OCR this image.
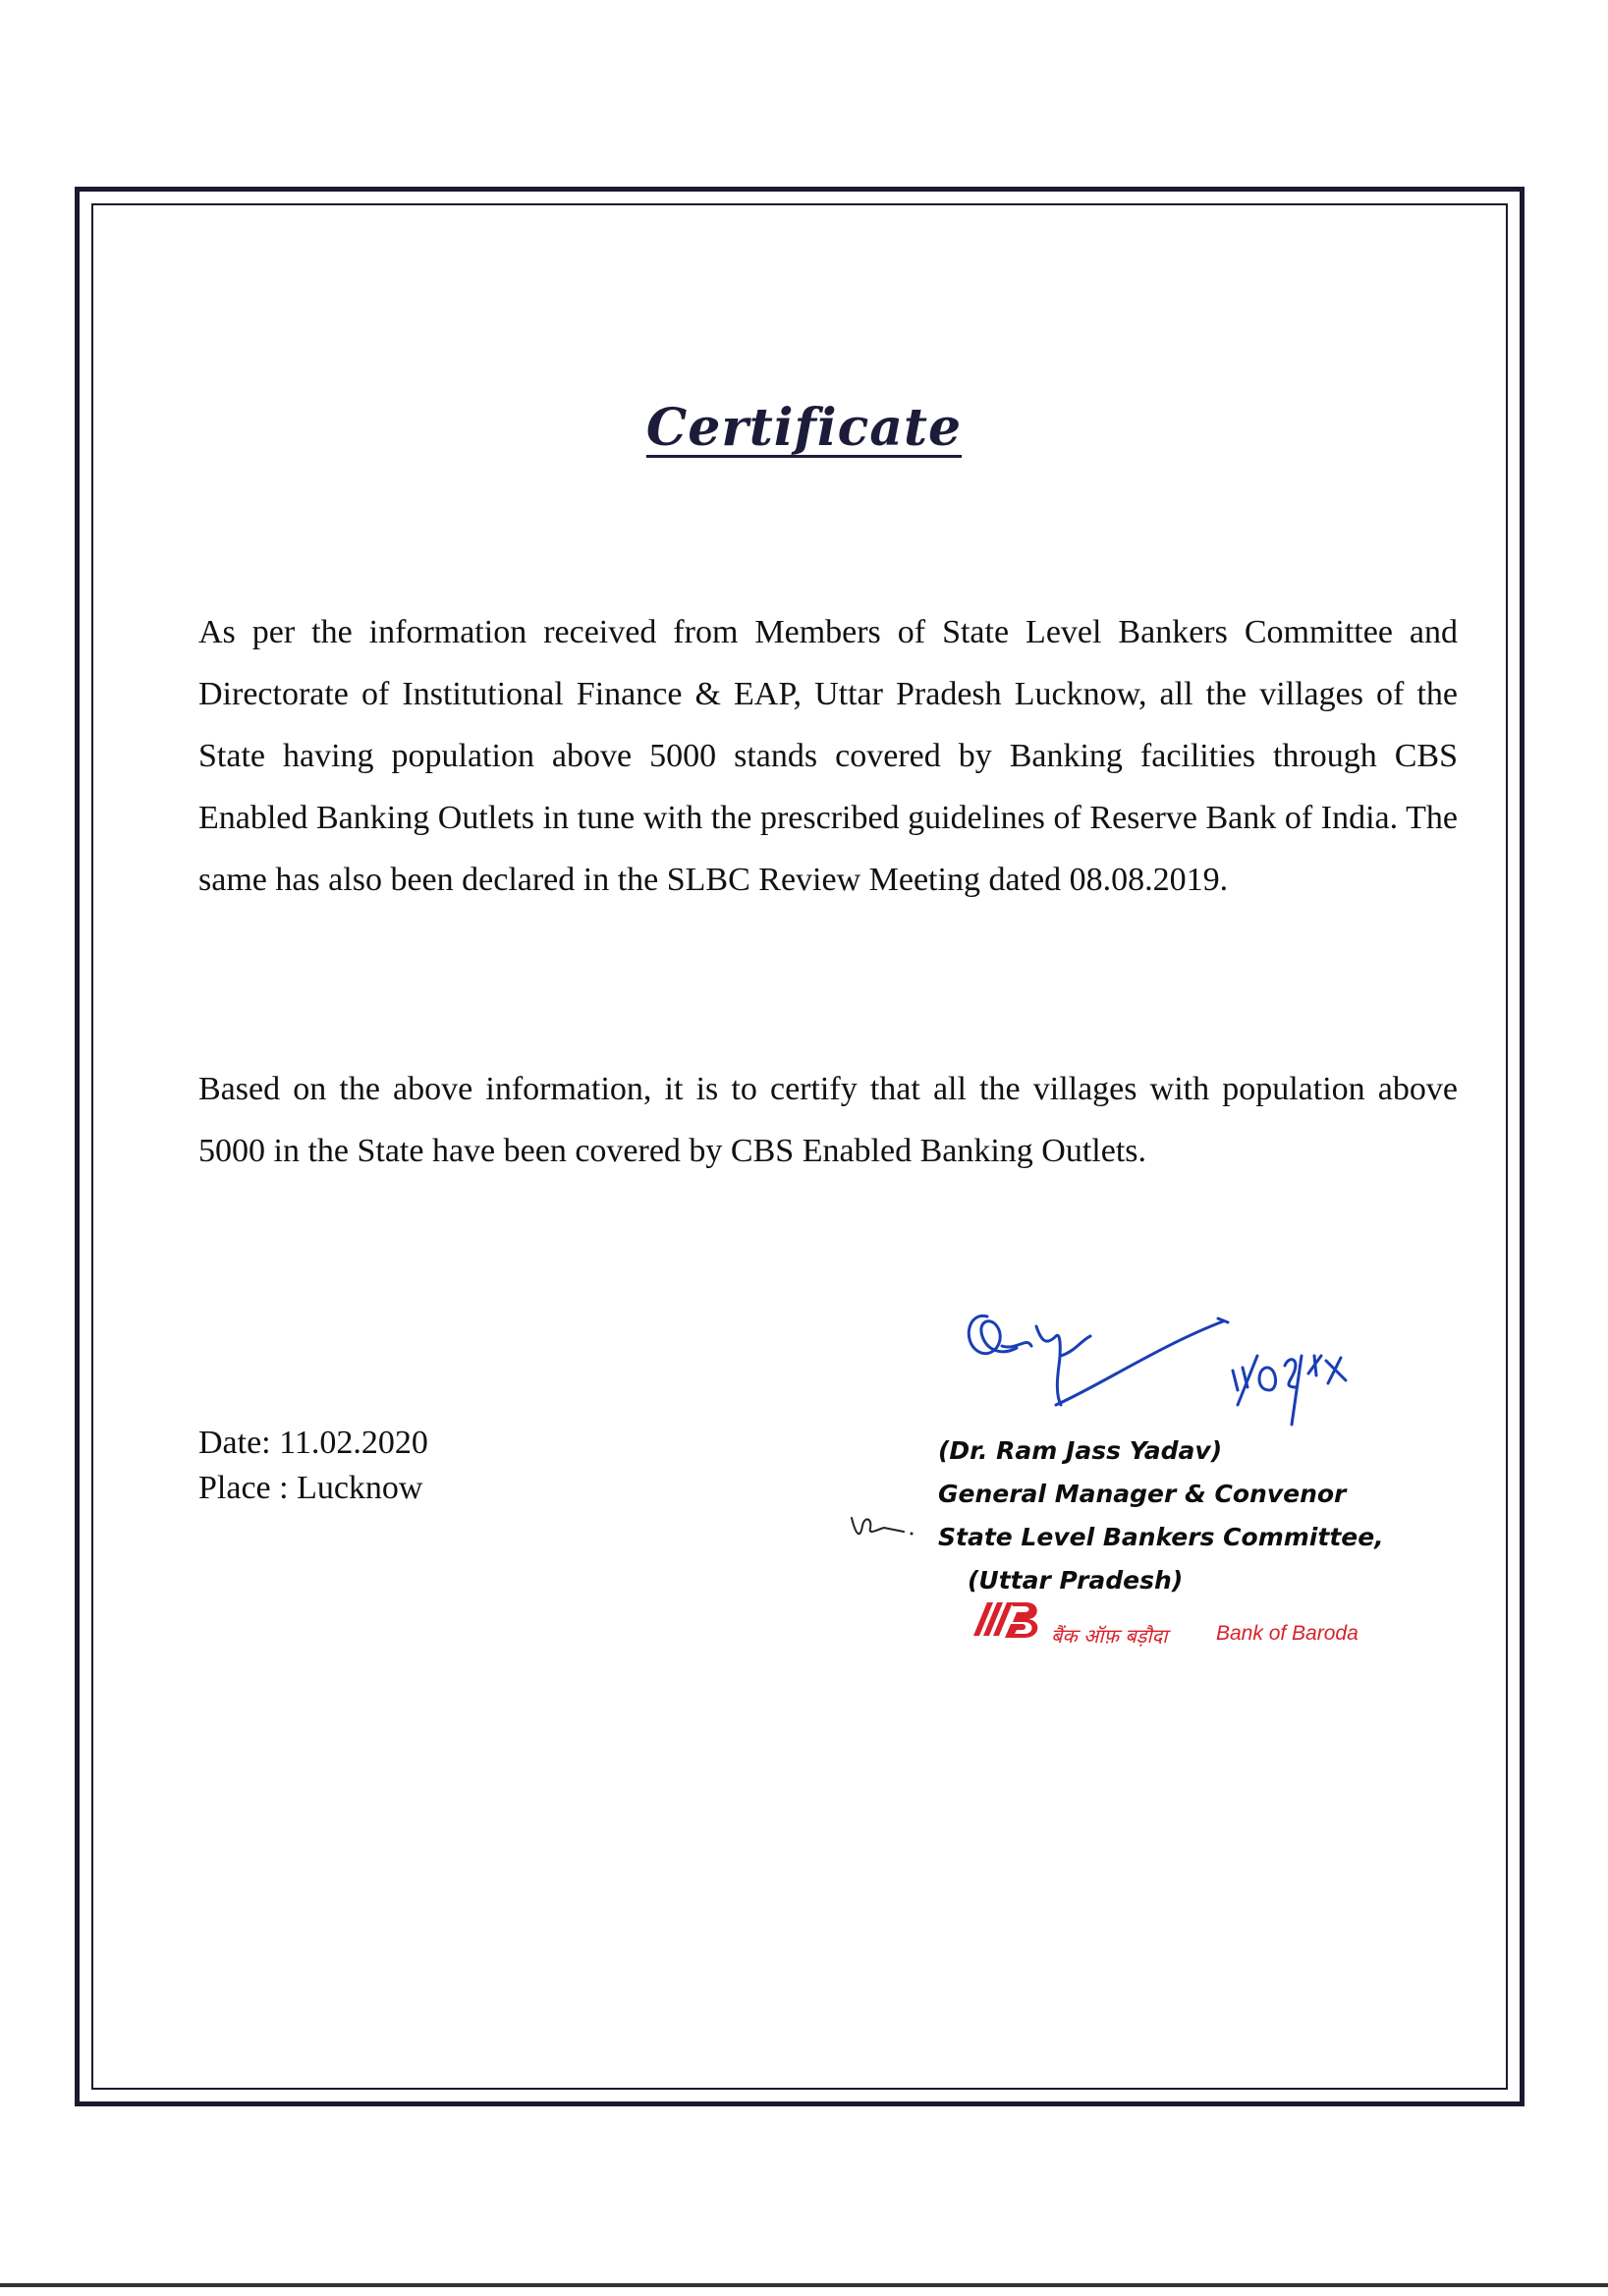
Certificate

As per the information received from Members of State Level Bankers Committee and Directorate of Institutional Finance & EAP, Uttar Pradesh Lucknow, all the villages of the State having population above 5000 stands covered by Banking facilities through CBS Enabled Banking Outlets in tune with the prescribed guidelines of Reserve Bank of India. The same has also been declared in the SLBC Review Meeting dated 08.08.2019.

Based on the above information, it is to certify that all the villages with population above 5000 in the State have been covered by CBS Enabled Banking Outlets.

Date: 11.02.2020
Place : Lucknow
(Dr. Ram Jass Yadav)
General Manager & Convenor
State Level Bankers Committee,
(Uttar Pradesh)
बैंक ऑफ़ बड़ौदा Bank of Baroda
